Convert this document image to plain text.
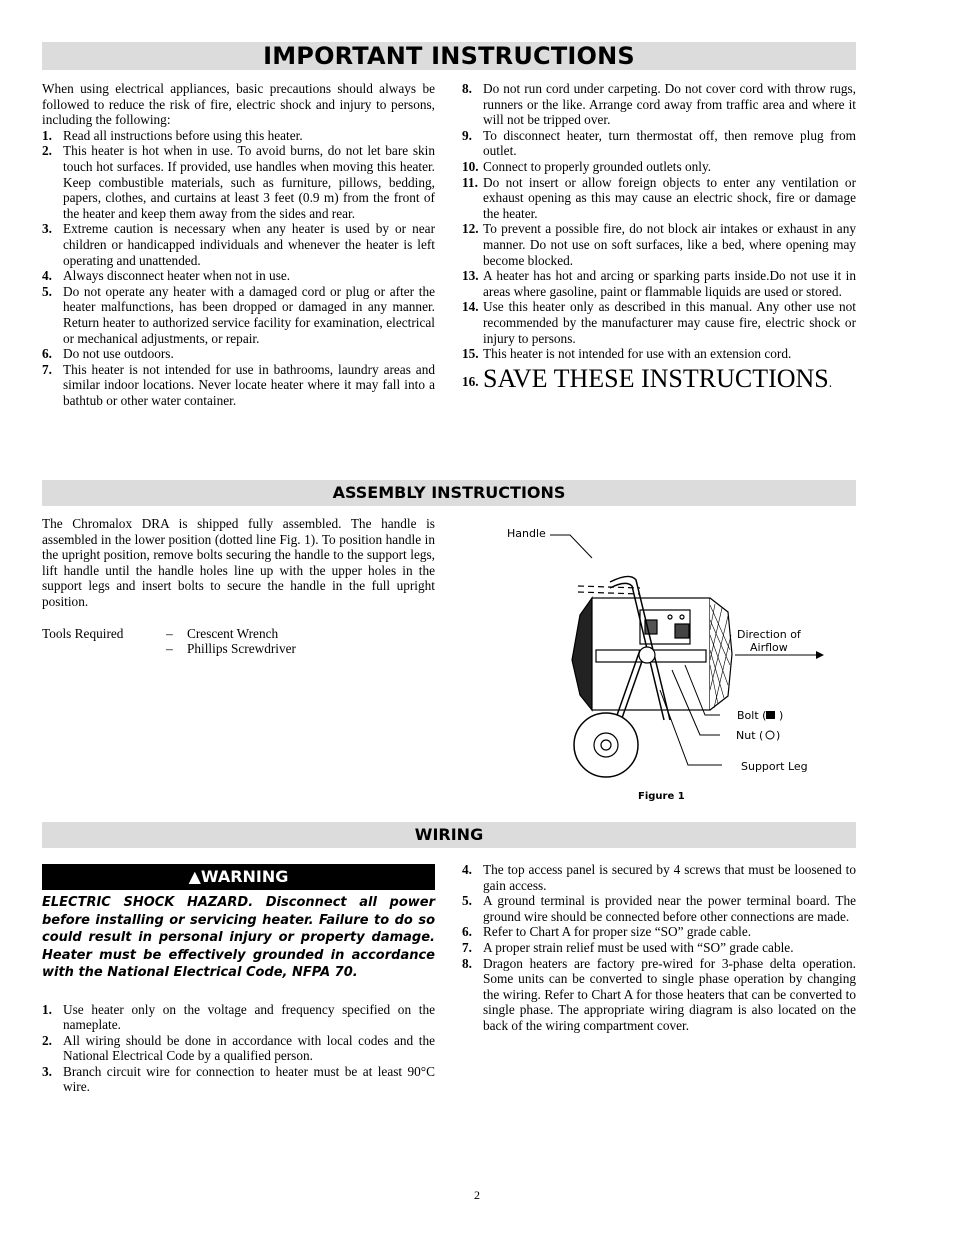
IMPORTANT INSTRUCTIONS

When using electrical appliances, basic precautions should always be followed to reduce the risk of fire, electric shock and injury to persons, including the following:

1. Read all instructions before using this heater.
2. This heater is hot when in use. To avoid burns, do not let bare skin touch hot surfaces. If provided, use handles when moving this heater. Keep combustible materials, such as furniture, pillows, bedding, papers, clothes, and curtains at least 3 feet (0.9 m) from the front of the heater and keep them away from the sides and rear.
3. Extreme caution is necessary when any heater is used by or near children or handicapped individuals and whenever the heater is left operating and unattended.
4. Always disconnect heater when not in use.
5. Do not operate any heater with a damaged cord or plug or after the heater malfunctions, has been dropped or damaged in any manner. Return heater to authorized service facility for examination, electrical or mechanical adjustments, or repair.
6. Do not use outdoors.
7. This heater is not intended for use in bathrooms, laundry areas and similar indoor locations. Never locate heater where it may fall into a bathtub or other water container.
8. Do not run cord under carpeting. Do not cover cord with throw rugs, runners or the like. Arrange cord away from traffic area and where it will not be tripped over.
9. To disconnect heater, turn thermostat off, then remove plug from outlet.
10. Connect to properly grounded outlets only.
11. Do not insert or allow foreign objects to enter any ventilation or exhaust opening as this may cause an electric shock, fire or damage the heater.
12. To prevent a possible fire, do not block air intakes or exhaust in any manner. Do not use on soft surfaces, like a bed, where opening may become blocked.
13. A heater has hot and arcing or sparking parts inside.Do not use it in areas where gasoline, paint or flammable liquids are used or stored.
14. Use this heater only as described in this manual. Any other use not recommended by the manufacturer may cause fire, electric shock or injury to persons.
15. This heater is not intended for use with an extension cord.
16. SAVE THESE INSTRUCTIONS.
ASSEMBLY INSTRUCTIONS

The Chromalox DRA is shipped fully assembled. The handle is assembled in the lower position (dotted line Fig. 1). To position handle in the upright position, remove bolts securing the handle to the support legs, lift handle until the handle holes line up with the upper holes in the support legs and insert bolts to secure the handle in the full upright position.

Tools Required	–	Crescent Wrench
–	Phillips Screwdriver
Handle
Direction of
Airflow
Bolt ( )
Nut ( )
Support Leg
Figure 1
WIRING
▲WARNING
ELECTRIC SHOCK HAZARD. Disconnect all power before installing or servicing heater. Failure to do so could result in personal injury or property damage. Heater must be effectively grounded in accordance with the National Electrical Code, NFPA 70.
1. Use heater only on the voltage and frequency specified on the nameplate.
2. All wiring should be done in accordance with local codes and the National Electrical Code by a qualified person.
3. Branch circuit wire for connection to heater must be at least 90°C wire.
4. The top access panel is secured by 4 screws that must be loosened to gain access.
5. A ground terminal is provided near the power terminal board. The ground wire should be connected before other connections are made.
6. Refer to Chart A for proper size “SO” grade cable.
7. A proper strain relief must be used with “SO” grade cable.
8. Dragon heaters are factory pre-wired for 3-phase delta operation. Some units can be converted to single phase operation by changing the wiring. Refer to Chart A for those heaters that can be converted to single phase. The appropriate wiring diagram is also located on the back of the wiring compartment cover.
2
